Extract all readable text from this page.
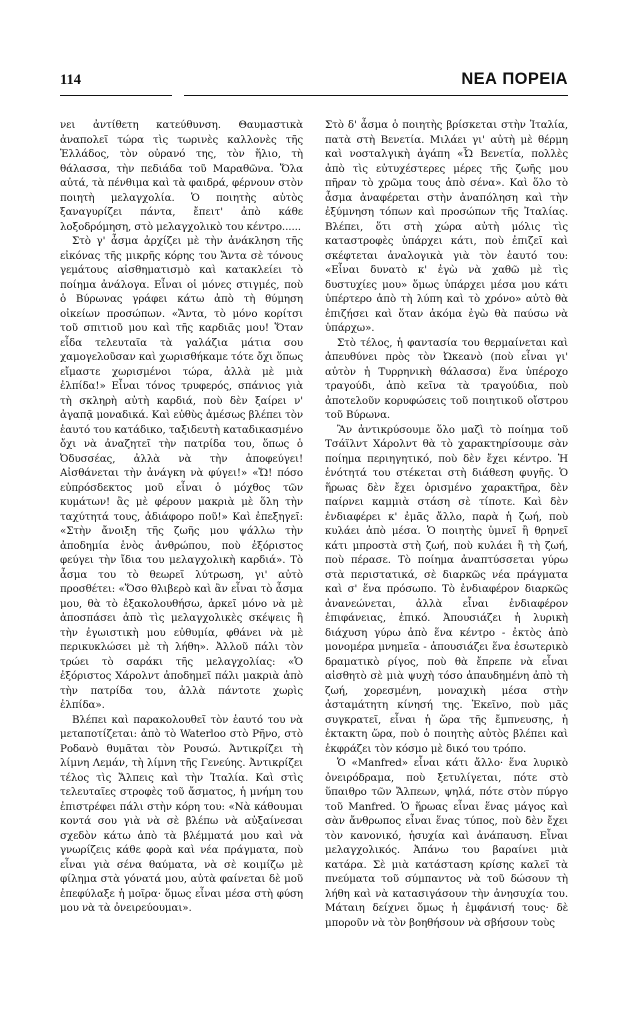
114	ΝΕΑ ΠΟΡΕΙΑ

νει ἀντίθετη κατεύθυνση. Θαυμαστικὰ ἀναπολεῖ τώρα τὶς τωρινὲς καλλονὲς τῆς Ἑλλάδος, τὸν οὐρανό της, τὸν ἥλιο, τὴ θάλασσα, τὴν πεδιάδα τοῦ Μαραθῶνα. Ὅλα αὐτά, τὰ πένθιμα καὶ τὰ φαιδρά, φέρνουν στὸν ποιητὴ μελαγχολία. Ὁ ποιητὴς αὐτὸς ξαναγυρίζει πάντα, ἔπειτ' ἀπὸ κάθε λοξοδρόμηση, στὸ μελαγχολικὸ του κέντρο......

Στὸ γ' ἆσμα ἀρχίζει μὲ τὴν ἀνάκληση τῆς εἰκόνας τῆς μικρῆς κόρης του Ἄντα σὲ τόνους γεμάτους αἰσθηματισμὸ καὶ κατακλείει τὸ ποίημα ἀνάλογα. Εἶναι οἱ μόνες στιγμές, ποὺ ὁ Βύρωνας γράφει κάτω ἀπὸ τὴ θύμηση οἰκείων προσώπων. «Ἄντα, τὸ μόνο κορίτσι τοῦ σπιτιοῦ μου καὶ τῆς καρδιᾶς μου! Ὅταν εἶδα τελευταῖα τὰ γαλάζια μάτια σου χαμογελοῦσαν καὶ χωρισθήκαμε τότε ὄχι ὅπως εἴμαστε χωρισμένοι τώρα, ἀλλὰ μὲ μιὰ ἐλπίδα!» Εἶναι τόνος τρυφερός, σπάνιος γιὰ τὴ σκληρὴ αὐτὴ καρδιά, ποὺ δὲν ξαίρει ν' ἀγαπᾷ μοναδικά. Καὶ εὐθὺς ἀμέσως βλέπει τὸν ἑαυτό του κατάδικο, ταξιδευτὴ καταδικασμένο ὄχι νὰ ἀναζητεῖ τὴν πατρίδα του, ὅπως ὁ Ὀδυσσέας, ἀλλὰ νὰ τὴν ἀποφεύγει! Αἰσθάνεται τὴν ἀνάγκη νὰ φύγει!» «Ὤ! πόσο εὐπρόσδεκτος μοῦ εἶναι ὁ μόχθος τῶν κυμάτων! ἂς μὲ φέρουν μακριὰ μὲ ὅλη τὴν ταχύτητά τους, ἀδιάφορο ποῦ!» Καὶ ἐπεξηγεῖ: «Στὴν ἄνοιξη τῆς ζωῆς μου ψάλλω τὴν ἀποδημία ἑνὸς ἀνθρώπου, ποὺ ἐξόριστος φεύγει τὴν ἴδια του μελαγχολικὴ καρδιά». Τὸ ἆσμα του τὸ θεωρεῖ λύτρωση, γι' αὐτὸ προσθέτει: «Ὅσο θλιβερὸ καὶ ἂν εἶναι τὸ ἆσμα μου, θὰ τὸ ἐξακολουθήσω, ἀρκεῖ μόνο νὰ μὲ ἀποσπάσει ἀπὸ τὶς μελαγχολικὲς σκέψεις ἢ τὴν ἐγωιστικὴ μου εὐθυμία, φθάνει νὰ μὲ περικυκλώσει μὲ τὴ λήθη». Ἀλλοῦ πάλι τὸν τρώει τὸ σαράκι τῆς μελαγχολίας: «Ὁ ἐξόριστος Χάρολντ ἀποδημεῖ πάλι μακριὰ ἀπὸ τὴν πατρίδα του, ἀλλὰ πάντοτε χωρὶς ἐλπίδα».

Βλέπει καὶ παρακολουθεῖ τὸν ἑαυτό του νὰ μεταποτίζεται: ἀπὸ τὸ Waterloo στὸ Ρῆνο, στὸ Ροδανὸ θυμᾶται τὸν Ρουσώ. Ἀντικρίζει τὴ λίμνη Λεμάν, τὴ λίμνη τῆς Γενεύης. Ἀντικρίζει τέλος τὶς Ἄλπεις καὶ τὴν Ἰταλία. Καὶ στὶς τελευταῖες στροφὲς τοῦ ἄσματος, ἡ μνήμη του ἐπιστρέφει πάλι στὴν κόρη του: «Νὰ κάθουμαι κοντά σου γιὰ νὰ σὲ βλέπω νὰ αὐξαίνεσαι σχεδὸν κάτω ἀπὸ τὰ βλέμματά μου καὶ νὰ γνωρίζεις κάθε φορὰ καὶ νέα πράγματα, ποὺ εἶναι γιὰ σένα θαύματα, νὰ σὲ κοιμίζω μὲ φίλημα στὰ γόνατά μου, αὐτὰ φαίνεται δὲ μοῦ ἐπεφύλαξε ἡ μοῖρα· ὅμως εἶναι μέσα στὴ φύση μου νὰ τὰ ὀνειρεύουμαι».

Στὸ δ' ἆσμα ὁ ποιητὴς βρίσκεται στὴν Ἰταλία, πατὰ στὴ Βενετία. Μιλάει γι' αὐτὴ μὲ θέρμη καὶ νοσταλγικὴ ἀγάπη «Ὦ Βενετία, πολλὲς ἀπὸ τὶς εὐτυχέστερες μέρες τῆς ζωῆς μου πῆραν τὸ χρῶμα τους ἀπὸ σένα». Καὶ ὅλο τὸ ἆσμα ἀναφέρεται στὴν ἀναπόληση καὶ τὴν ἐξύμνηση τόπων καὶ προσώπων τῆς Ἰταλίας. Βλέπει, ὅτι στὴ χώρα αὐτὴ μόλις τὶς καταστροφὲς ὑπάρχει κάτι, ποὺ ἐπιζεῖ καὶ σκέφτεται ἀναλογικὰ γιὰ τὸν ἑαυτό του: «Εἶναι δυνατὸ κ' ἐγὼ νὰ χαθῶ μὲ τὶς δυστυχίες μου» ὅμως ὑπάρχει μέσα μου κάτι ὑπέρτερο ἀπὸ τὴ λύπη καὶ τὸ χρόνο» αὐτὸ θὰ ἐπιζήσει καὶ ὅταν ἀκόμα ἐγὼ θὰ παύσω νὰ ὑπάρχω».

Στὸ τέλος, ἡ φαντασία του θερμαίνεται καὶ ἀπευθύνει πρὸς τὸν Ὠκεανὸ (ποὺ εἶναι γι' αὐτὸν ἡ Τυρρηνικὴ θάλασσα) ἕνα ὑπέροχο τραγούδι, ἀπὸ κεῖνα τὰ τραγούδια, ποὺ ἀποτελοῦν κορυφώσεις τοῦ ποιητικοῦ οἴστρου τοῦ Βύρωνα.

Ἂν ἀντικρύσουμε ὅλο μαζὶ τὸ ποίημα τοῦ Τσάϊλντ Χάρολντ θὰ τὸ χαρακτηρίσουμε σὰν ποίημα περιηγητικό, ποὺ δὲν ἔχει κέντρο. Ἡ ἑνότητά του στέκεται στὴ διάθεση φυγῆς. Ὁ ἥρωας δὲν ἔχει ὁρισμένο χαρακτῆρα, δὲν παίρνει καμμιὰ στάση σὲ τίποτε. Καὶ δὲν ἐνδιαφέρει κ' ἐμᾶς ἄλλο, παρὰ ἡ ζωή, ποὺ κυλάει ἀπὸ μέσα. Ὁ ποιητὴς ὑμνεῖ ἢ θρηνεῖ κάτι μπροστὰ στὴ ζωή, ποὺ κυλάει ἢ τὴ ζωή, ποὺ πέρασε. Τὸ ποίημα ἀναπτύσσεται γύρω στὰ περιστατικά, σὲ διαρκῶς νέα πράγματα καὶ σ' ἕνα πρόσωπο. Τὸ ἐνδιαφέρον διαρκῶς ἀνανεώνεται, ἀλλὰ εἶναι ἐνδιαφέρον ἐπιφάνειας, ἐπικό. Ἀπουσιάζει ἡ λυρικὴ διάχυση γύρω ἀπὸ ἕνα κέντρο - ἐκτὸς ἀπὸ μονομέρα μνημεῖα - ἀπουσιάζει ἕνα ἐσωτερικὸ δραματικὸ ρίγος, ποὺ θὰ ἔπρεπε νὰ εἶναι αἰσθητὸ σὲ μιὰ ψυχὴ τόσο ἀπαυδημένη ἀπὸ τὴ ζωή, χορεσμένη, μοναχικὴ μέσα στὴν ἀσταμάτητη κίνησή της. Ἐκεῖνο, ποὺ μᾶς συγκρατεῖ, εἶναι ἡ ὥρα τῆς ἔμπνευσης, ἡ ἐκτακτη ὥρα, ποὺ ὁ ποιητὴς αὐτὸς βλέπει καὶ ἐκφράζει τὸν κόσμο μὲ δικό του τρόπο.

Ὁ «Manfred» εἶναι κάτι ἄλλο· ἕνα λυρικὸ ὀνειρόδραμα, ποὺ ξετυλίγεται, πότε στὸ ὕπαιθρο τῶν Ἄλπεων, ψηλά, πότε στὸν πύργο τοῦ Manfred. Ὁ ἥρωας εἶναι ἕνας μάγος καὶ σὰν ἄνθρωπος εἶναι ἕνας τύπος, ποὺ δὲν ἔχει τὸν κανονικό, ἡσυχία καὶ ἀνάπαυση. Εἶναι μελαγχολικός. Ἀπάνω του βαραίνει μιὰ κατάρα. Σὲ μιὰ κατάσταση κρίσης καλεῖ τὰ πνεύματα τοῦ σύμπαντος νὰ τοῦ δώσουν τὴ λήθη καὶ νὰ κατασιγάσουν τὴν ἀνησυχία του. Μάταιη δείχνει ὅμως ἡ ἐμφάνισή τους· δὲ μποροῦν νὰ τὸν βοηθήσουν νὰ σβήσουν τοὺς
